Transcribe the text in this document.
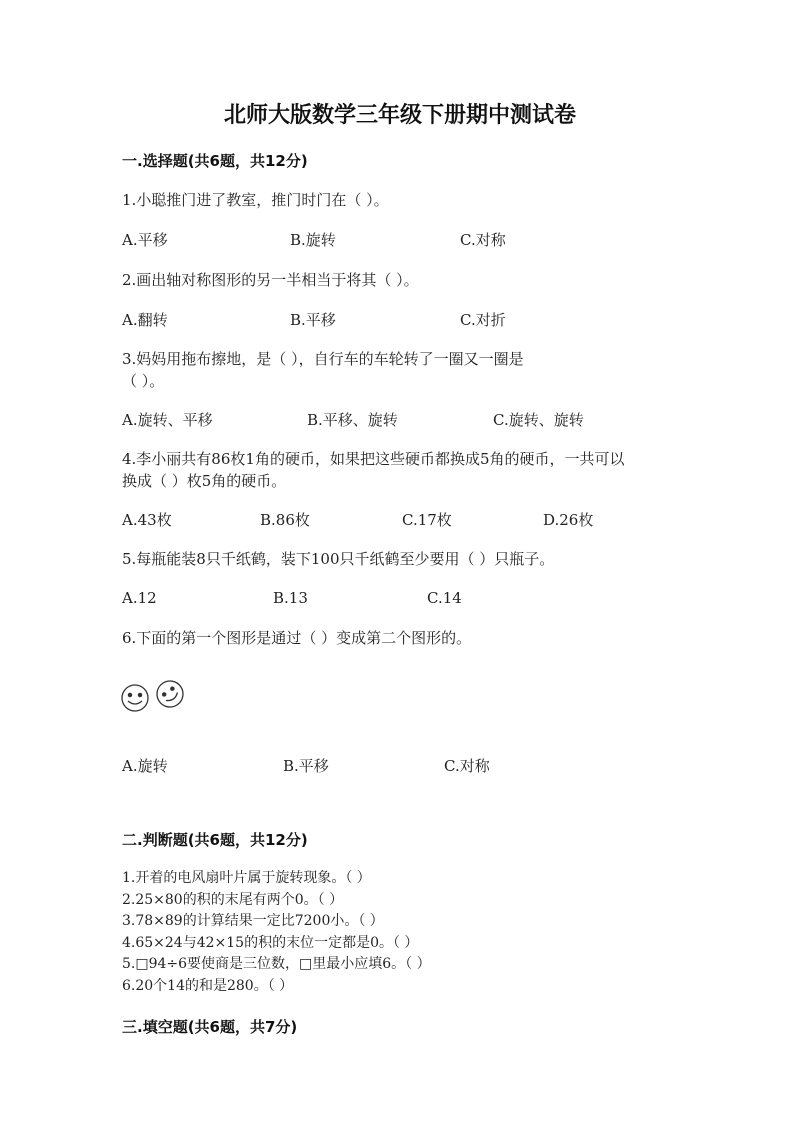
北师大版数学三年级下册期中测试卷
一.选择题(共6题，共12分)
1.小聪推门进了教室，推门时门在（ ）。
A.平移	B.旋转	C.对称
2.画出轴对称图形的另一半相当于将其（ ）。
A.翻转	B.平移	C.对折
3.妈妈用拖布擦地，是（ ），自行车的车轮转了一圈又一圈是
（ ）。
A.旋转、平移	B.平移、旋转	C.旋转、旋转
4.李小丽共有86枚1角的硬币，如果把这些硬币都换成5角的硬币，一共可以
换成（ ）枚5角的硬币。
A.43枚	B.86枚	C.17枚	D.26枚
5.每瓶能装8只千纸鹤，装下100只千纸鹤至少要用（ ）只瓶子。
A.12	B.13	C.14
6.下面的第一个图形是通过（ ）变成第二个图形的。
A.旋转	B.平移	C.对称
二.判断题(共6题，共12分)
1.开着的电风扇叶片属于旋转现象。（ ）
2.25×80的积的末尾有两个0。（ ）
3.78×89的计算结果一定比7200小。（ ）
4.65×24与42×15的积的末位一定都是0。（ ）
5.□94÷6要使商是三位数，□里最小应填6。（ ）
6.20个14的和是280。（ ）
三.填空题(共6题，共7分)
